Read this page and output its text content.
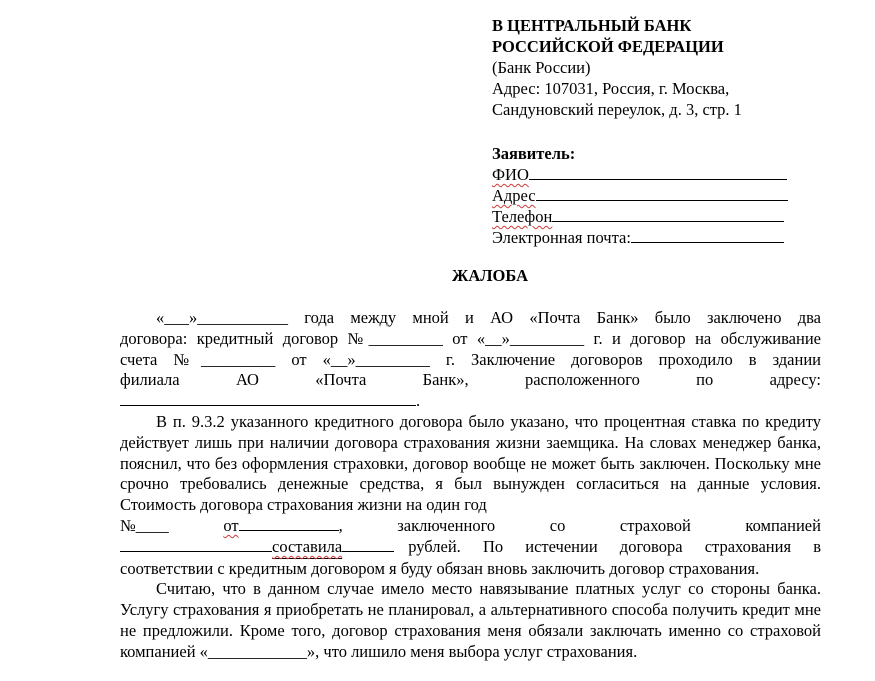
В ЦЕНТРАЛЬНЫЙ БАНК
РОССИЙСКОЙ ФЕДЕРАЦИИ
(Банк России)
Адрес: 107031, Россия, г. Москва,
Сандуновский переулок, д. 3, стр. 1
Заявитель:
ФИО
Адрес
Телефон
Электронная почта:
ЖАЛОБА

«___»___________ года между мной и АО «Почта Банк» было заключено два

договора: кредитный договор №_________ от «__»_________ г. и договор на обслуживание
счета №_________ от «__»_________ г. Заключение договоров проходило в здании
филиала АО «Почта Банк», расположенного по адресу:
.

В п. 9.3.2 указанного кредитного договора было указано, что процентная ставка по кредиту действует лишь при наличии договора страхования жизни заемщика. На словах менеджер банка, пояснил, что без оформления страховки, договор вообще не может быть заключен. Поскольку мне срочно требовались денежные средства, я был вынужден согласиться на данные условия. Стоимость договора страхования жизни на один год

№____	от	,	заключенного	со	страховой	компанией
составила	рублей. По истечении договора страхования в
соответствии с кредитным договором я буду обязан вновь заключить договор страхования.

Считаю, что в данном случае имело место навязывание платных услуг со стороны банка. Услугу страхования я приобретать не планировал, а альтернативного способа получить кредит мне не предложили. Кроме того, договор страхования меня обязали заключать именно со страховой компанией «____________», что лишило меня выбора услуг страхования.
